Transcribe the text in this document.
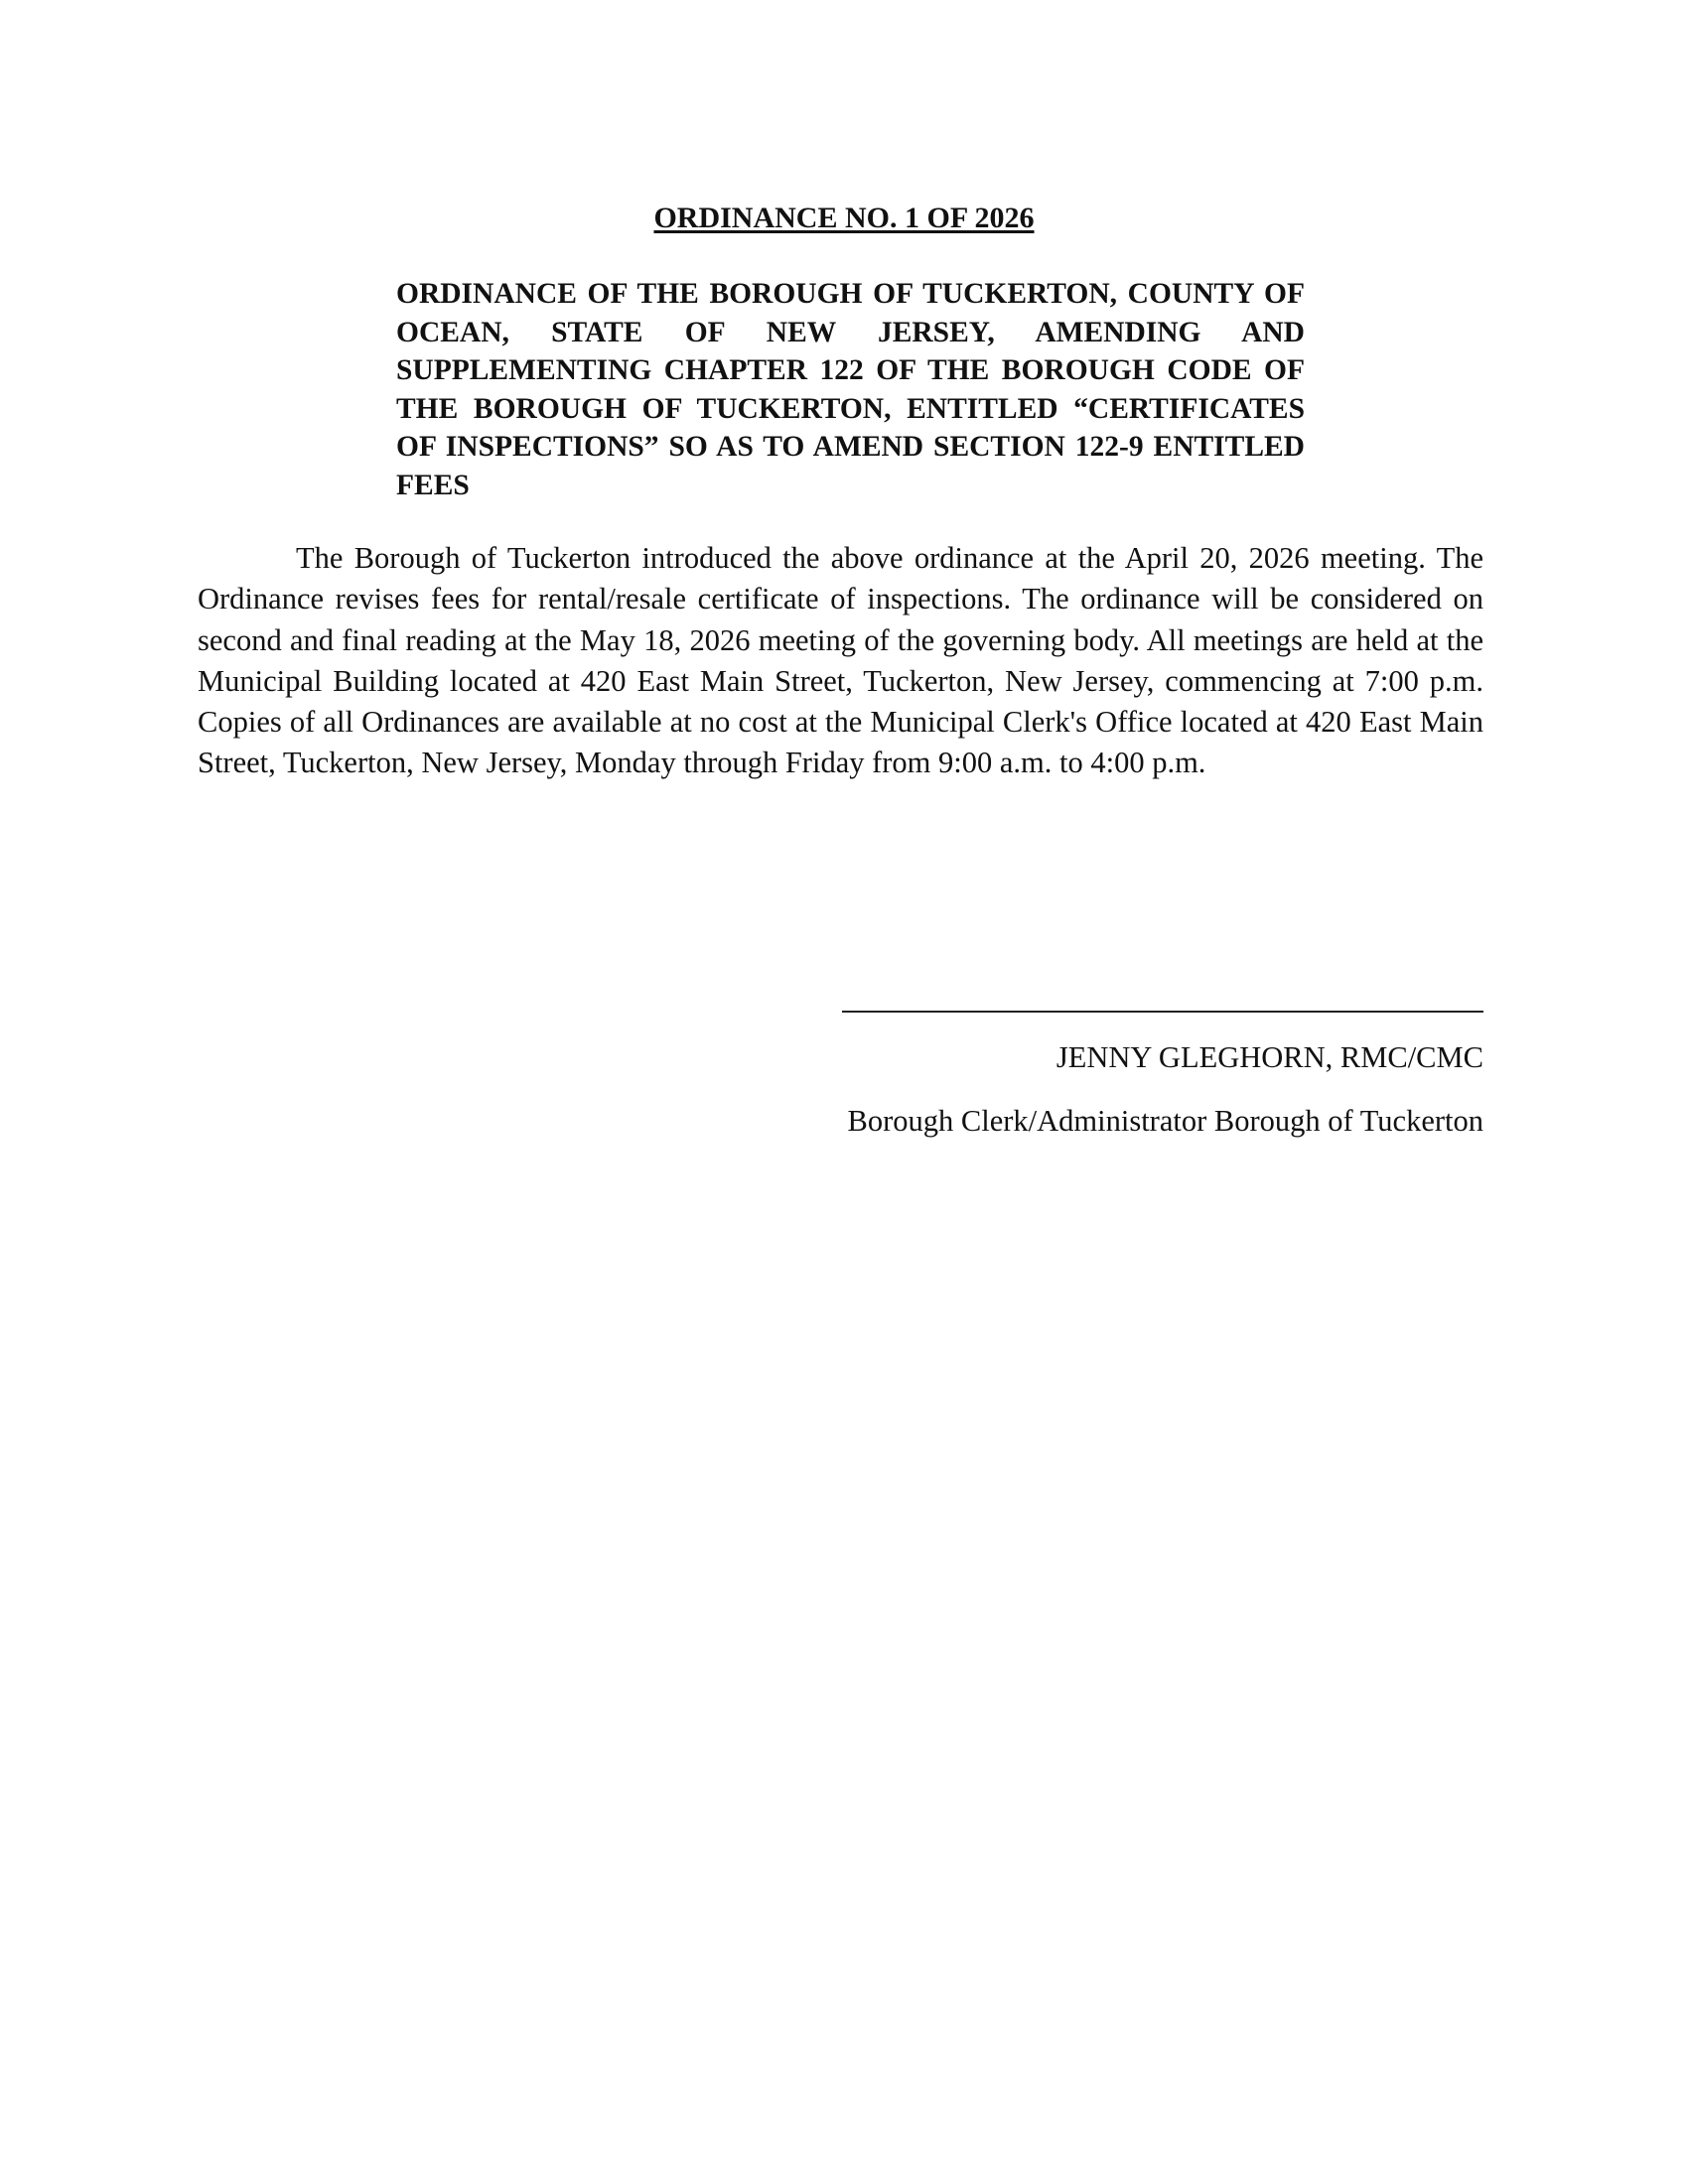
ORDINANCE NO. 1 OF 2026
ORDINANCE OF THE BOROUGH OF TUCKERTON, COUNTY OF OCEAN, STATE OF NEW JERSEY, AMENDING AND SUPPLEMENTING CHAPTER 122 OF THE BOROUGH CODE OF THE BOROUGH OF TUCKERTON, ENTITLED “CERTIFICATES OF INSPECTIONS” SO AS TO AMEND SECTION 122-9 ENTITLED FEES
The Borough of Tuckerton introduced the above ordinance at the April 20, 2026 meeting. The Ordinance revises fees for rental/resale certificate of inspections. The ordinance will be considered on second and final reading at the May 18, 2026 meeting of the governing body. All meetings are held at the Municipal Building located at 420 East Main Street, Tuckerton, New Jersey, commencing at 7:00 p.m. Copies of all Ordinances are available at no cost at the Municipal Clerk's Office located at 420 East Main Street, Tuckerton, New Jersey, Monday through Friday from 9:00 a.m. to 4:00 p.m.
JENNY GLEGHORN, RMC/CMC
Borough Clerk/Administrator Borough of Tuckerton
